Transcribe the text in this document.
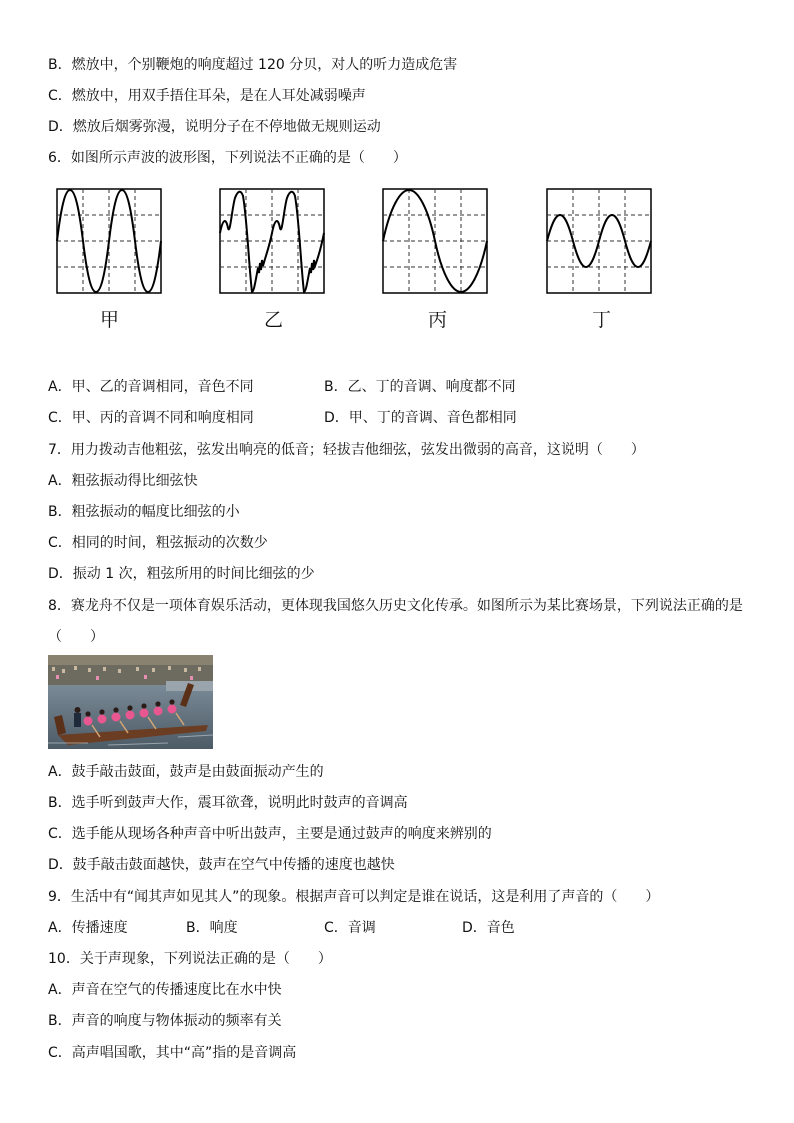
B．燃放中，个别鞭炮的响度超过 120 分贝，对人的听力造成危害
C．燃放中，用双手捂住耳朵，是在人耳处减弱噪声
D．燃放后烟雾弥漫，说明分子在不停地做无规则运动
6．如图所示声波的波形图，下列说法不正确的是（　　）
甲	乙	丙	丁
A．甲、乙的音调相同，音色不同	B．乙、丁的音调、响度都不同
C．甲、丙的音调不同和响度相同	D．甲、丁的音调、音色都相同
7．用力拨动吉他粗弦，弦发出响亮的低音；轻拔吉他细弦，弦发出微弱的高音，这说明（　　）
A．粗弦振动得比细弦快
B．粗弦振动的幅度比细弦的小
C．相同的时间，粗弦振动的次数少
D．振动 1 次，粗弦所用的时间比细弦的少
8．赛龙舟不仅是一项体育娱乐活动，更体现我国悠久历史文化传承。如图所示为某比赛场景，下列说法正确的是
（　　）
A．鼓手敲击鼓面，鼓声是由鼓面振动产生的
B．选手听到鼓声大作，震耳欲聋，说明此时鼓声的音调高
C．选手能从现场各种声音中听出鼓声，主要是通过鼓声的响度来辨别的
D．鼓手敲击鼓面越快，鼓声在空气中传播的速度也越快
9．生活中有“闻其声如见其人”的现象。根据声音可以判定是谁在说话，这是利用了声音的（　　）
A．传播速度	B．响度	C．音调	D．音色
10．关于声现象，下列说法正确的是（　　）
A．声音在空气的传播速度比在水中快
B．声音的响度与物体振动的频率有关
C．高声唱国歌，其中“高”指的是音调高
